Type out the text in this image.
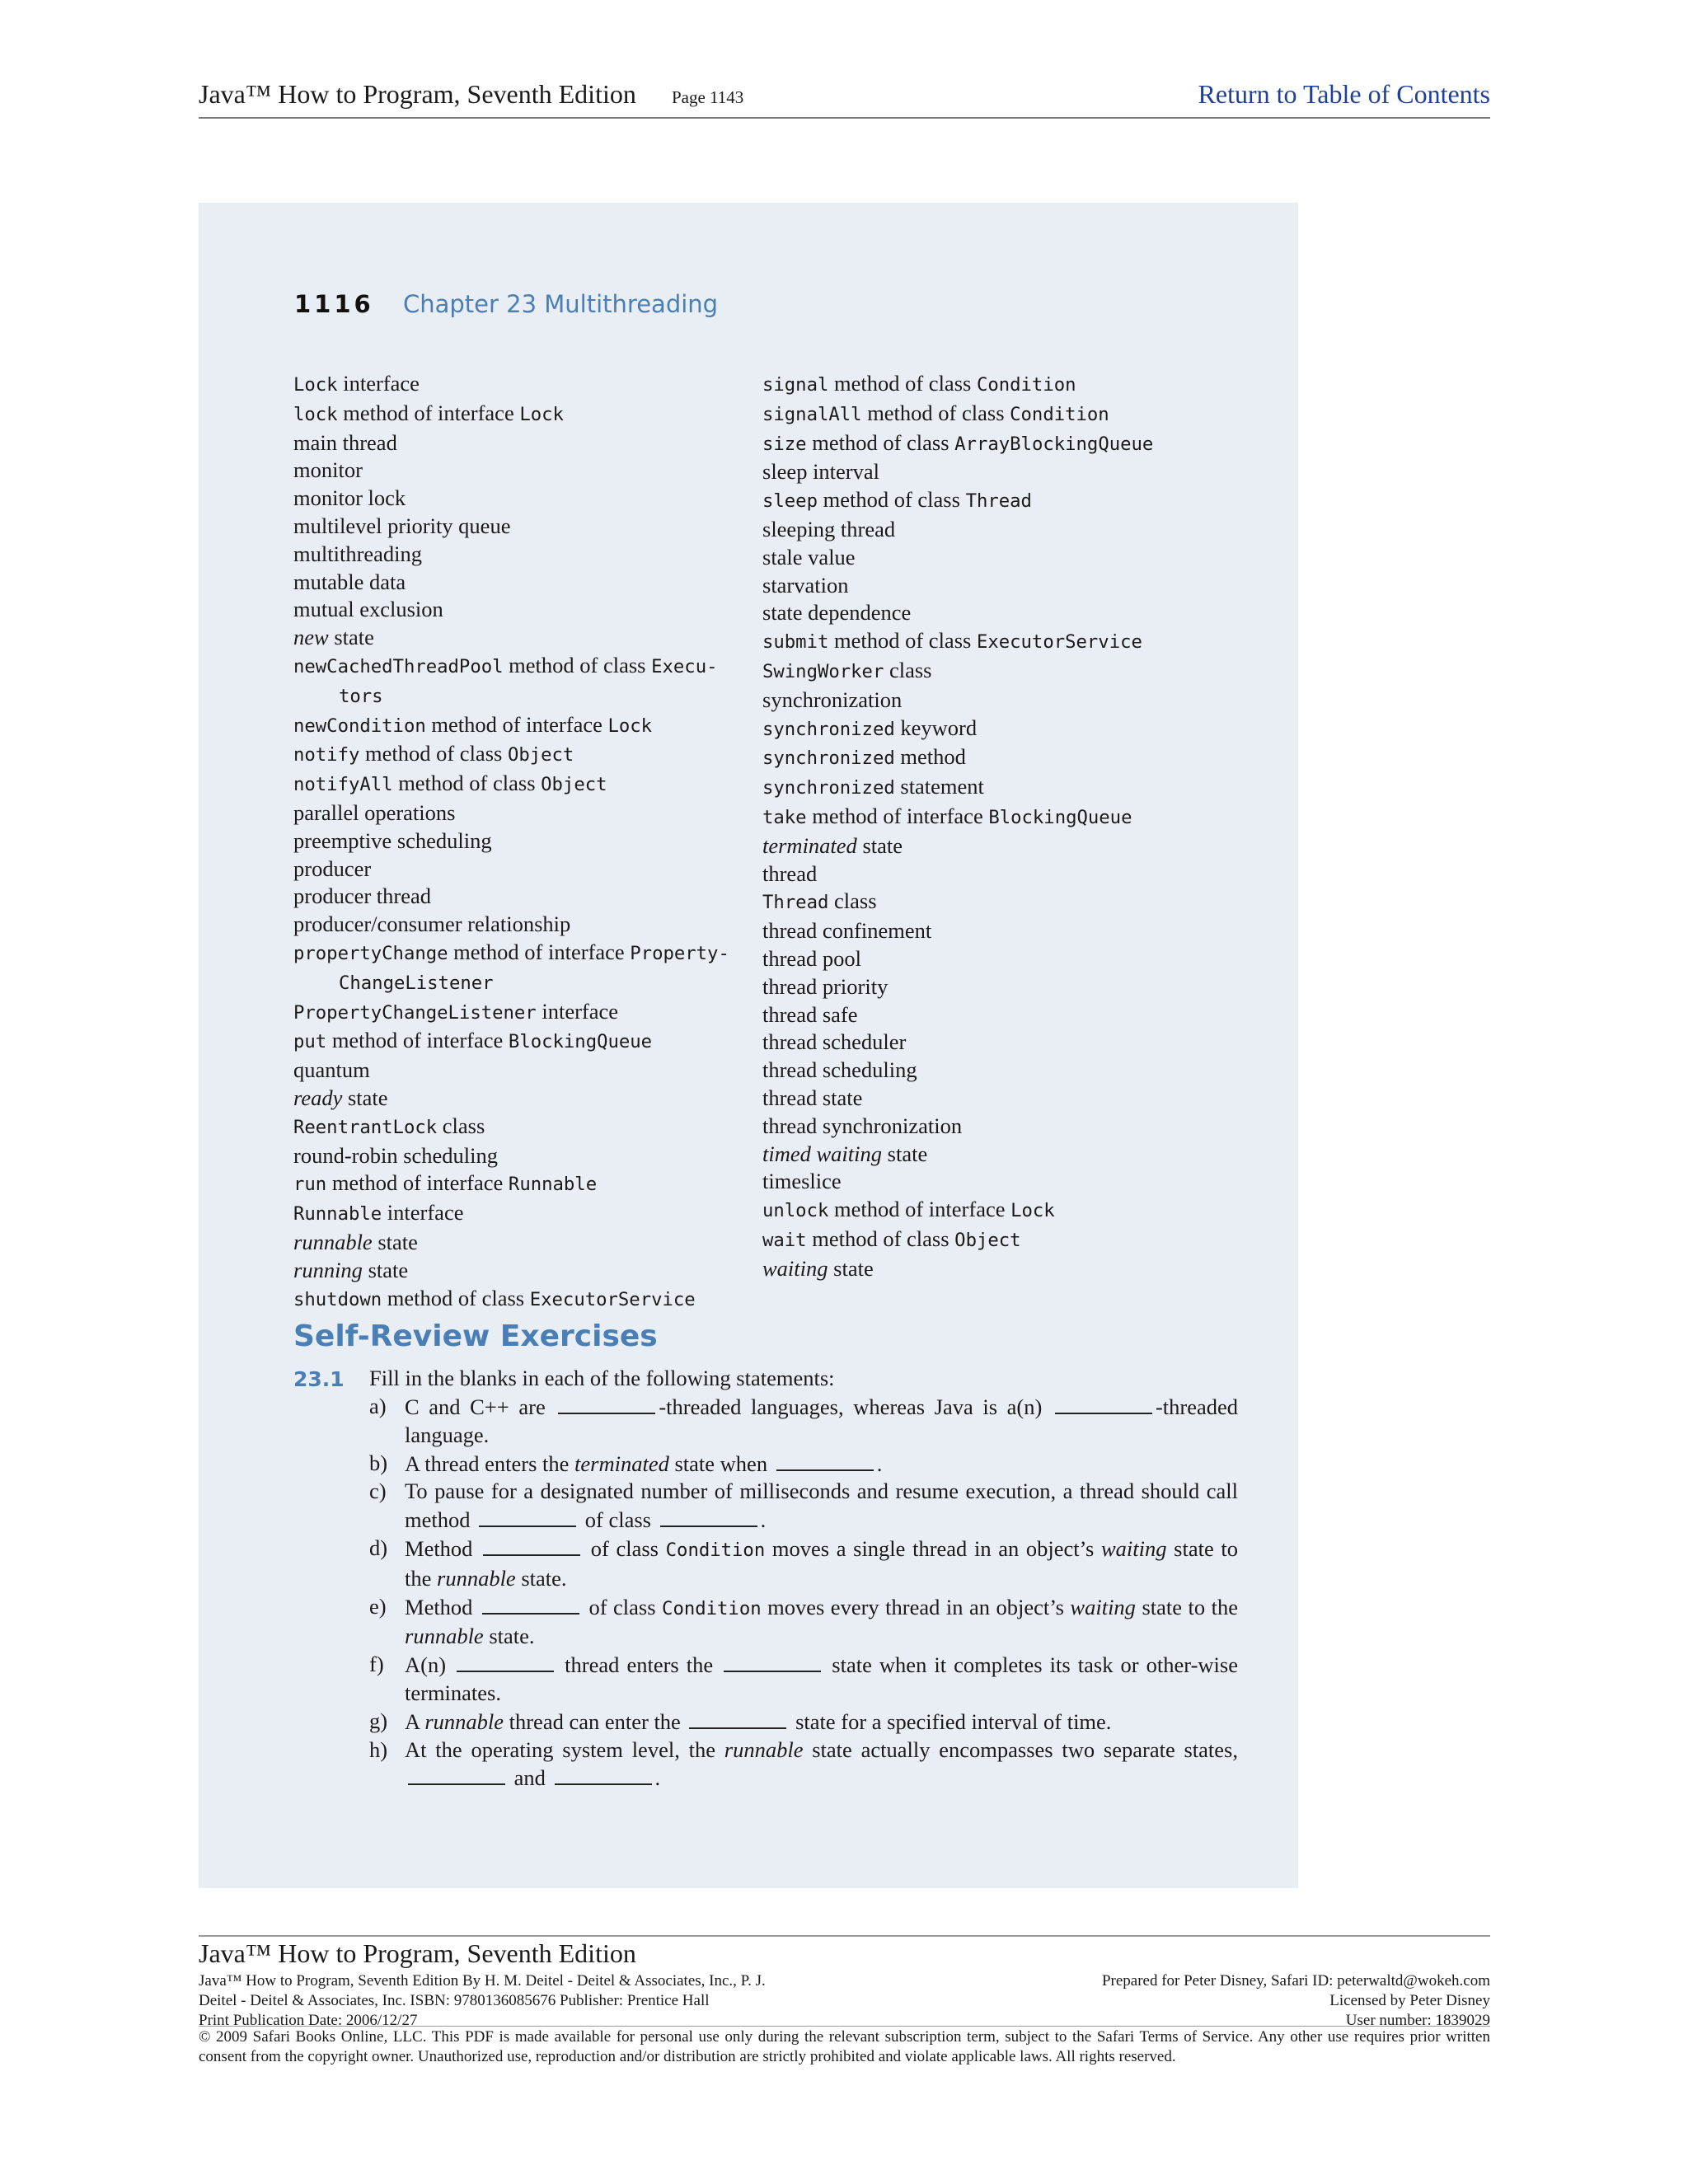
Java™ How to Program, Seventh Edition Page 1143	Return to Table of Contents
1116 Chapter 23 Multithreading
Lock interface
lock method of interface Lock
main thread
monitor
monitor lock
multilevel priority queue
multithreading
mutable data
mutual exclusion
new state
newCachedThreadPool method of class Execu-
tors
newCondition method of interface Lock
notify method of class Object
notifyAll method of class Object
parallel operations
preemptive scheduling
producer
producer thread
producer/consumer relationship
propertyChange method of interface Property-
ChangeListener
PropertyChangeListener interface
put method of interface BlockingQueue
quantum
ready state
ReentrantLock class
round-robin scheduling
run method of interface Runnable
Runnable interface
runnable state
running state
shutdown method of class ExecutorService
signal method of class Condition
signalAll method of class Condition
size method of class ArrayBlockingQueue
sleep interval
sleep method of class Thread
sleeping thread
stale value
starvation
state dependence
submit method of class ExecutorService
SwingWorker class
synchronization
synchronized keyword
synchronized method
synchronized statement
take method of interface BlockingQueue
terminated state
thread
Thread class
thread confinement
thread pool
thread priority
thread safe
thread scheduler
thread scheduling
thread state
thread synchronization
timed waiting state
timeslice
unlock method of interface Lock
wait method of class Object
waiting state
Self-Review Exercises
23.1 Fill in the blanks in each of the following statements:
a) C and C++ are	-threaded languages, whereas Java is a(n)	-threaded language.
b) A thread enters the terminated state when	.
c) To pause for a designated number of milliseconds and resume execution, a thread should call method	of class	.
d) Method	of class Condition moves a single thread in an object’s waiting state to the runnable state.
e) Method	of class Condition moves every thread in an object’s waiting state to the runnable state.
f) A(n)	thread enters the	state when it completes its task or other-wise terminates.
g) A runnable thread can enter the	state for a specified interval of time.
h) At the operating system level, the runnable state actually encompasses two separate states,  and	.
Java™ How to Program, Seventh Edition
Java™ How to Program, Seventh Edition By H. M. Deitel - Deitel & Associates, Inc., P. J.
Deitel - Deitel & Associates, Inc. ISBN: 9780136085676 Publisher: Prentice Hall
Print Publication Date: 2006/12/27
Prepared for Peter Disney, Safari ID: peterwaltd@wokeh.com
Licensed by Peter Disney
User number: 1839029
© 2009 Safari Books Online, LLC. This PDF is made available for personal use only during the relevant subscription term, subject to the Safari Terms of Service. Any other use requires prior written consent from the copyright owner. Unauthorized use, reproduction and/or distribution are strictly prohibited and violate applicable laws. All rights reserved.
